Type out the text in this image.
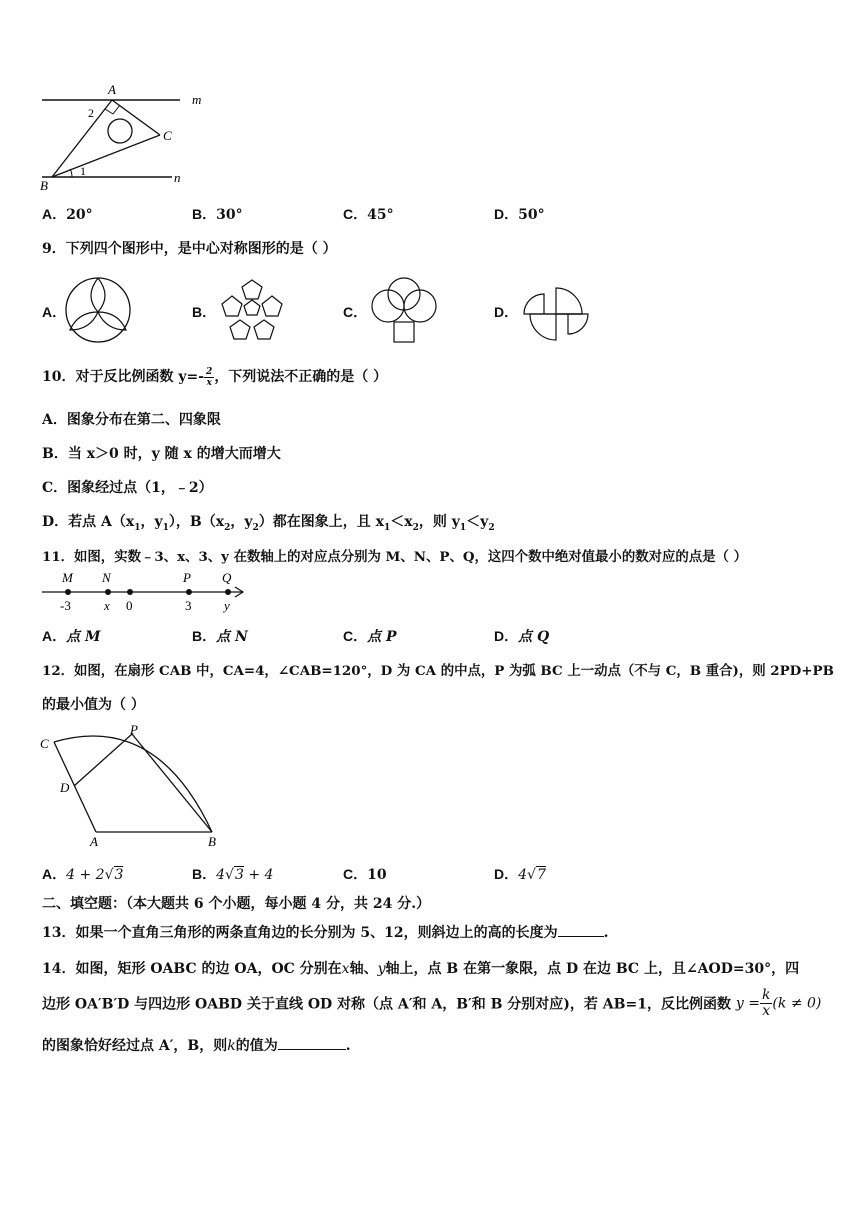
A
m
n
B
C
1
2
A．20°	B．30°	C．45°	D．50°
9．下列四个图形中，是中心对称图形的是（ ）
A．	B．	C．	D．
10．对于反比例函数 $y=- \frac{2}{x}$ ，下列说法不正确的是（ ）
A．图象分布在第二、四象限
B．当 x＞0 时，y 随 x 的增大而增大
C．图象经过点（1，﹣2）
D．若点 $A(x_1$，$y_1$），$B(x_2$，$y_2$）都在图象上，且 $x_1<x_2$，则 $y_1<y_2$
11．如图，实数﹣3、x、3、y 在数轴上的对应点分别为 M、N、P、Q，这四个数中绝对值最小的数对应的点是（ ）
M N	P Q
-3	x 0	3	y
A．点 M	B．点 N	C．点 P	D．点 Q
12．如图，在扇形 CAB 中，CA=4，∠CAB=120°，D 为 CA 的中点，P 为弧 BC 上一动点（不与 C，B 重合)，则 2PD+PB
的最小值为（ ）
C
P
D
A	B
A．4 + 2√3	B．4√3 + 4	C．10	D．4√7
二、填空题：（本大题共 6 个小题，每小题 4 分，共 24 分.）
13．如果一个直角三角形的两条直角边的长分别为 5、12，则斜边上的高的长度为	.
14．如图，矩形 OABC 的边 OA，OC 分别在x轴、y轴上，点 B 在第一象限，点 D 在边 BC 上，且∠AOD=30°，四
边形 OA′B′D 与四边形 OABD 关于直线 OD 对称（点 A′和 A，B′和 B 分别对应)，若 AB=1，反比例函数 $y = \frac{k}{x} (k \ne 0)$
的图象恰好经过点 A′，B，则k的值为	.
